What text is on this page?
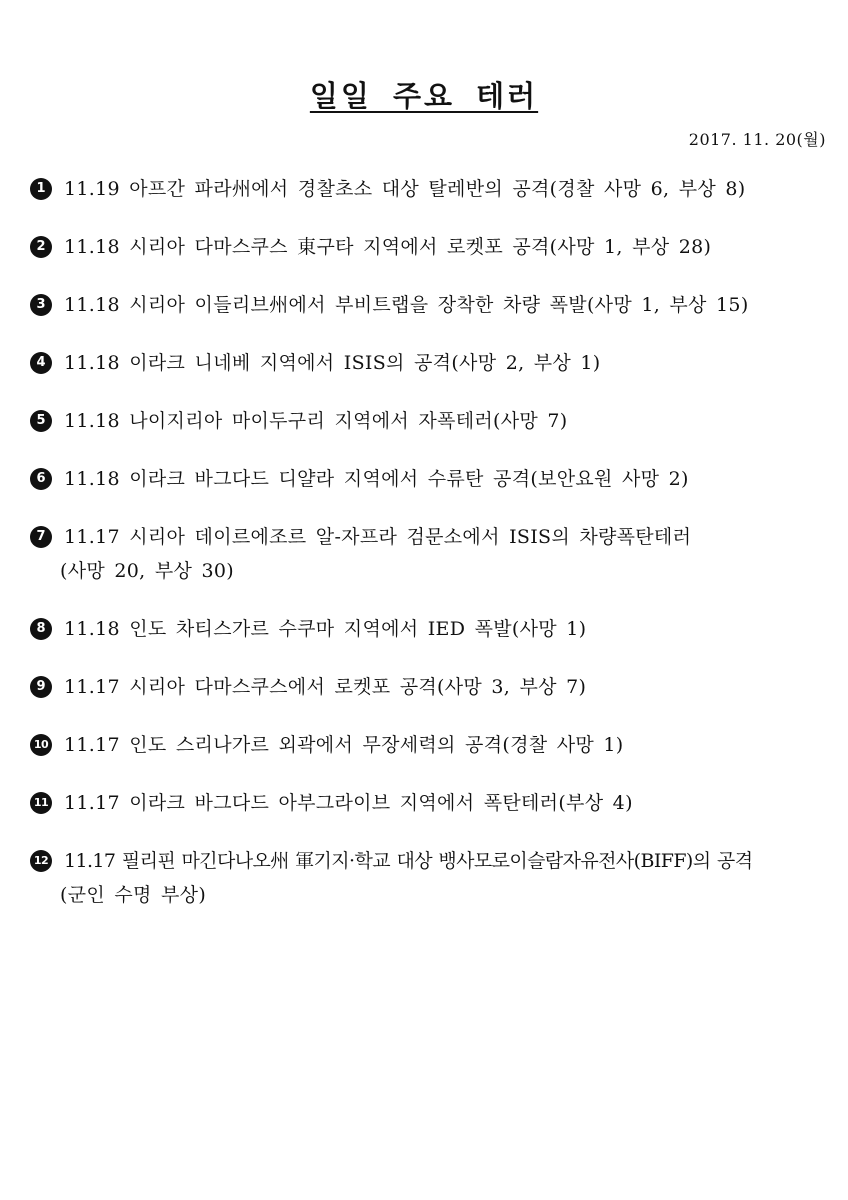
일일 주요 테러
2017. 11. 20(월)
1 11.19 아프간 파라州에서 경찰초소 대상 탈레반의 공격(경찰 사망 6, 부상 8)
2 11.18 시리아 다마스쿠스 東구타 지역에서 로켓포 공격(사망 1, 부상 28)
3 11.18 시리아 이들리브州에서 부비트랩을 장착한 차량 폭발(사망 1, 부상 15)
4 11.18 이라크 니네베 지역에서 ISIS의 공격(사망 2, 부상 1)
5 11.18 나이지리아 마이두구리 지역에서 자폭테러(사망 7)
6 11.18 이라크 바그다드 디얄라 지역에서 수류탄 공격(보안요원 사망 2)
7 11.17 시리아 데이르에조르 알-자프라 검문소에서 ISIS의 차량폭탄테러
(사망 20, 부상 30)
8 11.18 인도 차티스가르 수쿠마 지역에서 IED 폭발(사망 1)
9 11.17 시리아 다마스쿠스에서 로켓포 공격(사망 3, 부상 7)
10 11.17 인도 스리나가르 외곽에서 무장세력의 공격(경찰 사망 1)
11 11.17 이라크 바그다드 아부그라이브 지역에서 폭탄테러(부상 4)
12 11.17 필리핀 마긴다나오州 軍기지·학교 대상 뱅사모로이슬람자유전사(BIFF)의 공격
(군인 수명 부상)
